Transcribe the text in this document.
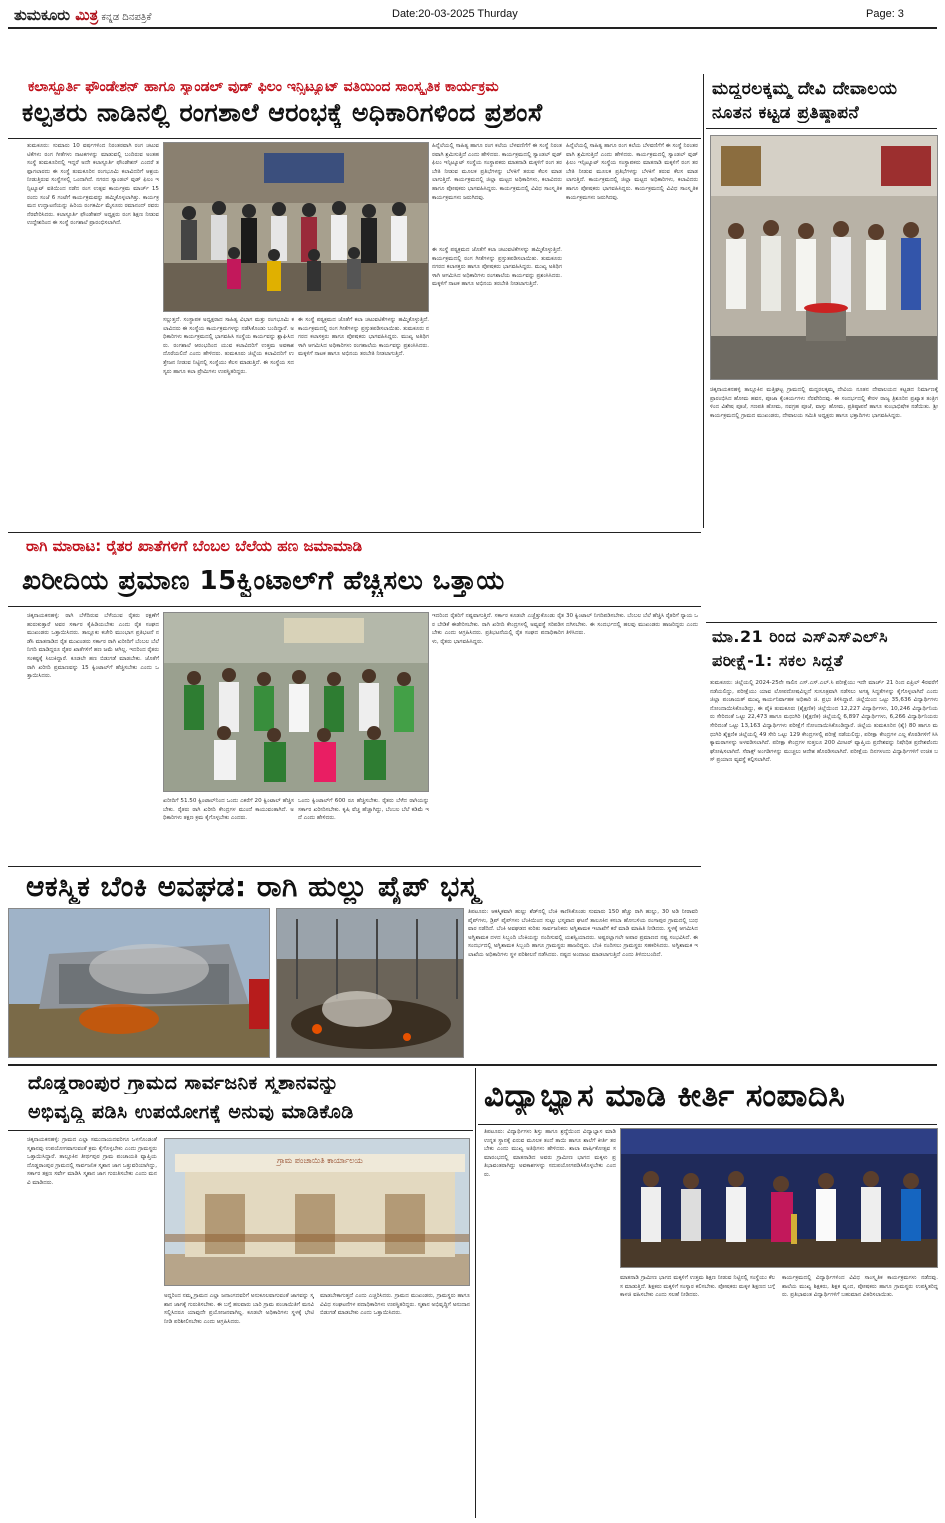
ತುಮಕೂರು ಮಿತ್ರ ಕನ್ನಡ ದಿನಪತ್ರಿಕೆ	Date:20-03-2025 Thurday	Page: 3
ಕಲಾಸ್ಫೂರ್ತಿ ಫೌಂಡೇಶನ್ ಹಾಗೂ ಸ್ಯಾಂಡಲ್ ವುಡ್ ಫಿಲಂ ಇನ್ಸಿಟ್ಯೂಟ್ ವತಿಯಿಂದ ಸಾಂಸ್ಕೃತಿಕ ಕಾರ್ಯಕ್ರಮ
ಕಲ್ಪತರು ನಾಡಿನಲ್ಲಿ ರಂಗಶಾಲೆ ಆರಂಭಕ್ಕೆ ಅಧಿಕಾರಿಗಳಿಂದ ಪ್ರಶಂಸೆ
ತುಮಕೂರು: ಸುಮಾರು 10 ವರ್ಷಗಳಿಂದ ನಿರಂತರವಾಗಿ ರಂಗ ಚಟುವಟಿಕೆಗಳು ರಂಗ ಗೀತೆಗಳು ನಾಟಕಗಳನ್ನು ಮಾಡುವಲ್ಲಿ ಬಂದಿರುವ ಅಂತಹ ಸಂಸ್ಥೆ ತುಮಕೂರಿನಲ್ಲಿ ಇದ್ದರೆ ಅದೇ ಕಲಾಸ್ಫೂರ್ತಿ ಫೌಂಡೇಶನ್ ಎಂದರೆ ತಪ್ಪಾಗಲಾರದು ಈ ಸಂಸ್ಥೆ ತುಮಕೂರಿನ ರಂಗಭೂಮಿ ಕಲಾವಿದರಿಗೆ ಆಶ್ರಯ ನೀಡುತ್ತಿರುವ ಸಂಸ್ಥೆಗಳಲ್ಲಿ ಒಂದಾಗಿದೆ. ನಗರದ ಸ್ಯಾಂಡಲ್ ವುಡ್ ಫಿಲಂ ಇನ್ಸಿಟ್ಯೂಟ್ ವತಿಯಿಂದ ನಡೆದ ರಂಗ ಉತ್ಸವ ಕಾರ್ಯಕ್ರಮ ಮಾರ್ಚ್ 15 ರಂದು ಸಂಜೆ 6 ಗಂಟೆಗೆ ಕಾರ್ಯಕ್ರಮವನ್ನು ಹಮ್ಮಿಕೊಳ್ಳಲಾಗಿತ್ತು. ಕಾರ್ಯಕ್ರಮದ ಉದ್ಘಾಟನೆಯನ್ನು ಹಿರಿಯ ರಂಗಕರ್ಮಿ ಮೈಸೂರು ರಮಾನಂದ್ ರವರು ನೆರವೇರಿಸಿದರು. ಕಲಾಸ್ಫೂರ್ತಿ ಫೌಂಡೇಶನ್ ಅಧ್ಯಕ್ಷರು ರಂಗ ಶಿಕ್ಷಣ ನೀಡುವ ಉದ್ದೇಶದಿಂದ ಈ ಸಂಸ್ಥೆ ರಂಗಶಾಲೆ ಪ್ರಾರಂಭಿಸಲಾಗಿದೆ.
ಹಿನ್ನೆಲೆಯಲ್ಲಿ ಸಾಹಿತ್ಯ ಹಾಗೂ ರಂಗ ಕಲೆಯ ಬೆಳವಣಿಗೆಗೆ ಈ ಸಂಸ್ಥೆ ನಿರಂತರವಾಗಿ ಶ್ರಮಿಸುತ್ತಿದೆ ಎಂದು ಹೇಳಿದರು. ಕಾರ್ಯಕ್ರಮದಲ್ಲಿ ಸ್ಯಾಂಡಲ್ ವುಡ್ ಫಿಲಂ ಇನ್ಸಿಟ್ಯೂಟ್ ಸಂಸ್ಥೆಯ ಸಂಸ್ಥಾಪಕರು ಮಾತನಾಡಿ ಮಕ್ಕಳಿಗೆ ರಂಗ ತರಬೇತಿ ನೀಡುವ ಮೂಲಕ ಪ್ರತಿಭೆಗಳನ್ನು ಬೆಳಕಿಗೆ ತರುವ ಕೆಲಸ ಮಾಡಲಾಗುತ್ತಿದೆ. ಕಾರ್ಯಕ್ರಮದಲ್ಲಿ ಜಿಲ್ಲಾ ಮಟ್ಟದ ಅಧಿಕಾರಿಗಳು, ಕಲಾವಿದರು ಹಾಗೂ ಪೋಷಕರು ಭಾಗವಹಿಸಿದ್ದರು. ಕಾರ್ಯಕ್ರಮದಲ್ಲಿ ವಿವಿಧ ಸಾಂಸ್ಕೃತಿಕ ಕಾರ್ಯಕ್ರಮಗಳು ಜರುಗಿದವು.
ಹಿನ್ನೆಲೆಯಲ್ಲಿ ಸಾಹಿತ್ಯ ಹಾಗೂ ರಂಗ ಕಲೆಯ ಬೆಳವಣಿಗೆಗೆ ಈ ಸಂಸ್ಥೆ ನಿರಂತರವಾಗಿ ಶ್ರಮಿಸುತ್ತಿದೆ ಎಂದು ಹೇಳಿದರು. ಕಾರ್ಯಕ್ರಮದಲ್ಲಿ ಸ್ಯಾಂಡಲ್ ವುಡ್ ಫಿಲಂ ಇನ್ಸಿಟ್ಯೂಟ್ ಸಂಸ್ಥೆಯ ಸಂಸ್ಥಾಪಕರು ಮಾತನಾಡಿ ಮಕ್ಕಳಿಗೆ ರಂಗ ತರಬೇತಿ ನೀಡುವ ಮೂಲಕ ಪ್ರತಿಭೆಗಳನ್ನು ಬೆಳಕಿಗೆ ತರುವ ಕೆಲಸ ಮಾಡಲಾಗುತ್ತಿದೆ. ಕಾರ್ಯಕ್ರಮದಲ್ಲಿ ಜಿಲ್ಲಾ ಮಟ್ಟದ ಅಧಿಕಾರಿಗಳು, ಕಲಾವಿದರು ಹಾಗೂ ಪೋಷಕರು ಭಾಗವಹಿಸಿದ್ದರು. ಕಾರ್ಯಕ್ರಮದಲ್ಲಿ ವಿವಿಧ ಸಾಂಸ್ಕೃತಿಕ ಕಾರ್ಯಕ್ರಮಗಳು ಜರುಗಿದವು.
ಸಲ್ಲುತ್ತದೆ. ಸಂಸ್ಥಾಪಕ ಅಧ್ಯಕ್ಷರಾದ ಸಾಹಿತ್ಯ ವಿಭಾಗ ಮತ್ತು ರಂಗಭೂಮಿ ಕಲಾವಿದರು ಈ ಸಂಸ್ಥೆಯ ಕಾರ್ಯಕ್ರಮಗಳನ್ನು ನಡೆಸಿಕೊಂಡು ಬಂದಿದ್ದಾರೆ. ಅಧಿಕಾರಿಗಳು ಕಾರ್ಯಕ್ರಮದಲ್ಲಿ ಭಾಗವಹಿಸಿ ಸಂಸ್ಥೆಯ ಕಾರ್ಯವನ್ನು ಶ್ಲಾಘಿಸಿದರು. ರಂಗಶಾಲೆ ಆರಂಭದಿಂದ ಯುವ ಕಲಾವಿದರಿಗೆ ಉತ್ತಮ ಅವಕಾಶ ದೊರೆಯಲಿದೆ ಎಂದು ಹೇಳಿದರು. ತುಮಕೂರು ಜಿಲ್ಲೆಯ ಕಲಾವಿದರಿಗೆ ಉತ್ತೇಜನ ನೀಡುವ ನಿಟ್ಟಿನಲ್ಲಿ ಸಂಸ್ಥೆಯು ಕೆಲಸ ಮಾಡುತ್ತಿದೆ. ಈ ಸಂಸ್ಥೆಯ ಸದಸ್ಯರು ಹಾಗೂ ಕಲಾ ಪ್ರೇಮಿಗಳು ಉಪಸ್ಥಿತರಿದ್ದರು.
ಈ ಸಂಸ್ಥೆ ಪಠ್ಯಕ್ರಮದ ಜೊತೆಗೆ ಕಲಾ ಚಟುವಟಿಕೆಗಳನ್ನು ಹಮ್ಮಿಕೊಳ್ಳುತ್ತಿದೆ. ಕಾರ್ಯಕ್ರಮದಲ್ಲಿ ರಂಗ ಗೀತೆಗಳನ್ನು ಪ್ರಸ್ತುತಪಡಿಸಲಾಯಿತು. ತುಮಕೂರು ನಗರದ ಕಲಾಸಕ್ತರು ಹಾಗೂ ಪೋಷಕರು ಭಾಗವಹಿಸಿದ್ದರು. ಮುಖ್ಯ ಅತಿಥಿಗಳಾಗಿ ಆಗಮಿಸಿದ ಅಧಿಕಾರಿಗಳು ರಂಗಶಾಲೆಯ ಕಾರ್ಯವನ್ನು ಪ್ರಶಂಸಿಸಿದರು. ಮಕ್ಕಳಿಗೆ ನಾಟಕ ಹಾಗೂ ಅಭಿನಯ ತರಬೇತಿ ನೀಡಲಾಗುತ್ತಿದೆ.
ಈ ಸಂಸ್ಥೆ ಪಠ್ಯಕ್ರಮದ ಜೊತೆಗೆ ಕಲಾ ಚಟುವಟಿಕೆಗಳನ್ನು ಹಮ್ಮಿಕೊಳ್ಳುತ್ತಿದೆ. ಕಾರ್ಯಕ್ರಮದಲ್ಲಿ ರಂಗ ಗೀತೆಗಳನ್ನು ಪ್ರಸ್ತುತಪಡಿಸಲಾಯಿತು. ತುಮಕೂರು ನಗರದ ಕಲಾಸಕ್ತರು ಹಾಗೂ ಪೋಷಕರು ಭಾಗವಹಿಸಿದ್ದರು. ಮುಖ್ಯ ಅತಿಥಿಗಳಾಗಿ ಆಗಮಿಸಿದ ಅಧಿಕಾರಿಗಳು ರಂಗಶಾಲೆಯ ಕಾರ್ಯವನ್ನು ಪ್ರಶಂಸಿಸಿದರು. ಮಕ್ಕಳಿಗೆ ನಾಟಕ ಹಾಗೂ ಅಭಿನಯ ತರಬೇತಿ ನೀಡಲಾಗುತ್ತಿದೆ.
ಮದ್ದರಲಕ್ಕಮ್ಮ ದೇವಿ ದೇವಾಲಯ
ನೂತನ ಕಟ್ಟಡ ಪ್ರತಿಷ್ಠಾಪನೆ
ಚಿಕ್ಕನಾಯಕನಹಳ್ಳಿ ತಾಲ್ಲೂಕಿನ ಮತ್ತಿಘಟ್ಟ ಗ್ರಾಮದಲ್ಲಿ ಮದ್ದರಲಕ್ಕಮ್ಮ ದೇವಿಯ ನೂತನ ದೇವಾಲಯದ ಕಟ್ಟಡದ ನಿರ್ಮಾಣಕ್ಕೆ ಪ್ರಾರಂಭಿಸಿದ ಹೋಮ ಹವನ, ಪೂಜಾ ಕೈಂಕರ್ಯಗಳು ನೆರವೇರಿದವು. ಈ ಸಂದರ್ಭದಲ್ಲಿ ಕೇರಳ ರಾಜ್ಯ ತ್ರಿಶೂರಿನ ಪ್ರಖ್ಯಾತ ತಂತ್ರಿಗಳಿಂದ ವಿಶೇಷ ಪೂಜೆ, ಗಣಪತಿ ಹೋಮ, ನವಗ್ರಹ ಪೂಜೆ, ವಾಸ್ತು ಹೋಮ, ಪ್ರತಿಷ್ಠಾಪನೆ ಹಾಗೂ ಕುಂಭಾಭಿಷೇಕ ನಡೆಯಿತು. ಶ್ರೀ ಕಾರ್ಯಕ್ರಮದಲ್ಲಿ ಗ್ರಾಮದ ಮುಖಂಡರು, ದೇವಾಲಯ ಸಮಿತಿ ಅಧ್ಯಕ್ಷರು ಹಾಗೂ ಭಕ್ತಾದಿಗಳು ಭಾಗವಹಿಸಿದ್ದರು.
ಮಾ.21 ರಿಂದ ಎಸ್‌ಎಸ್‌ಎಲ್‌ಸಿ
ಪರೀಕ್ಷೆ-1: ಸಕಲ ಸಿದ್ಧತೆ
ತುಮಕೂರು: ಜಿಲ್ಲೆಯಲ್ಲಿ 2024-25ನೇ ಸಾಲಿನ ಎಸ್.ಎಸ್.ಎಲ್.ಸಿ ಪರೀಕ್ಷೆಯು ಇದೇ ಮಾರ್ಚ್ 21 ರಿಂದ ಏಪ್ರಿಲ್ 4ರವರೆಗೆ ನಡೆಯಲಿದ್ದು, ಪರೀಕ್ಷೆಯು ಯಾವ ಲೋಪದೋಷವಿಲ್ಲದೆ ಸುಸೂತ್ರವಾಗಿ ನಡೆಸಲು ಅಗತ್ಯ ಸಿದ್ಧತೆಗಳನ್ನು ಕೈಗೊಳ್ಳಲಾಗಿದೆ ಎಂದು ಜಿಲ್ಲಾ ಪಂಚಾಯತ್ ಮುಖ್ಯ ಕಾರ್ಯನಿರ್ವಾಹಕ ಅಧಿಕಾರಿ ಜಿ. ಪ್ರಭು ತಿಳಿಸಿದ್ದಾರೆ. ಜಿಲ್ಲೆಯಿಂದ ಒಟ್ಟು 35,636 ವಿದ್ಯಾರ್ಥಿಗಳು ನೋಂದಾಯಿಸಿಕೊಂಡಿದ್ದು, ಈ ಪೈಕಿ ತುಮಕೂರು (ಶೈಕ್ಷಣಿಕ) ಜಿಲ್ಲೆಯಿಂದ 12,227 ವಿದ್ಯಾರ್ಥಿಗಳು, 10,246 ವಿದ್ಯಾರ್ಥಿನಿಯರು ಸೇರಿದಂತೆ ಒಟ್ಟು 22,473 ಹಾಗೂ ಮಧುಗಿರಿ (ಶೈಕ್ಷಣಿಕ) ಜಿಲ್ಲೆಯಲ್ಲಿ 6,897 ವಿದ್ಯಾರ್ಥಿಗಳು, 6,266 ವಿದ್ಯಾರ್ಥಿನಿಯರು ಸೇರಿದಂತೆ ಒಟ್ಟು 13,163 ವಿದ್ಯಾರ್ಥಿಗಳು ಪರೀಕ್ಷೆಗೆ ನೋಂದಾಯಿಸಿಕೊಂಡಿದ್ದಾರೆ. ಜಿಲ್ಲೆಯ ತುಮಕೂರಿನ (ಶೈ) 80 ಹಾಗೂ ಮಧುಗಿರಿ ಶೈಕ್ಷಣಿಕ ಜಿಲ್ಲೆಯಲ್ಲಿ 49 ಸೇರಿ ಒಟ್ಟು 129 ಕೇಂದ್ರಗಳಲ್ಲಿ ಪರೀಕ್ಷೆ ನಡೆಯಲಿದ್ದು, ಪರೀಕ್ಷಾ ಕೇಂದ್ರಗಳ ಎಲ್ಲ ಕೊಠಡಿಗಳಿಗೆ ಸಿಸಿ ಕ್ಯಾಮರಾಗಳನ್ನು ಅಳವಡಿಸಲಾಗಿದೆ. ಪರೀಕ್ಷಾ ಕೇಂದ್ರಗಳ ಸುತ್ತಲೂ 200 ಮೀಟರ್ ವ್ಯಾಪ್ತಿಯ ಪ್ರದೇಶವನ್ನು ನಿಷೇಧಿತ ಪ್ರದೇಶವೆಂದು ಘೋಷಿಸಲಾಗಿದೆ. ಸೆರಾಕ್ಸ್ ಅಂಗಡಿಗಳನ್ನು ಮುಚ್ಚಲು ಆದೇಶ ಹೊರಡಿಸಲಾಗಿದೆ. ಪರೀಕ್ಷೆಯ ದಿನಗಳಂದು ವಿದ್ಯಾರ್ಥಿಗಳಿಗೆ ಉಚಿತ ಬಸ್ ಪ್ರಯಾಣ ವ್ಯವಸ್ಥೆ ಕಲ್ಪಿಸಲಾಗಿದೆ.
ರಾಗಿ ಮಾರಾಟ: ರೈತರ ಖಾತೆಗಳಿಗೆ ಬೆಂಬಲ ಬೆಲೆಯ ಹಣ ಜಮಾಮಾಡಿ
ಖರೀದಿಯ ಪ್ರಮಾಣ 15ಕ್ವಿಂಟಾಲ್‌ಗೆ ಹೆಚ್ಚಿಸಲು ಒತ್ತಾಯ
ಚಿಕ್ಕನಾಯಕನಹಳ್ಳಿ: ರಾಗಿ ಬೆಳೆದಿರುವ ಬೆಳೆಯುವ ರೈತರು ರಕ್ಷಣೆಗೆ ಹುರುಕುತ್ತಾರೆ ಅವರ ಸರ್ಕಾರ ಕೈಹಿಡಿಯಬೇಕು ಎಂದು ರೈತ ಸಂಘದ ಮುಖಂಡರು ಒತ್ತಾಯಿಸಿದರು. ತಾಲ್ಲೂಕು ಕಚೇರಿ ಮುಂಭಾಗ ಪ್ರತಿಭಟನೆ ನಡೆಸಿ ಮಾತನಾಡಿದ ರೈತ ಮುಖಂಡರು ಸರ್ಕಾರ ರಾಗಿ ಖರೀದಿಗೆ ಬೆಂಬಲ ಬೆಲೆ ನಿಗದಿ ಮಾಡಿದ್ದರೂ ರೈತರ ಖಾತೆಗಳಿಗೆ ಹಣ ಜಮೆ ಆಗಿಲ್ಲ. ಇದರಿಂದ ರೈತರು ಸಂಕಷ್ಟಕ್ಕೆ ಸಿಲುಕಿದ್ದಾರೆ. ಕೂಡಲೇ ಹಣ ಬಿಡುಗಡೆ ಮಾಡಬೇಕು. ಜೊತೆಗೆ ರಾಗಿ ಖರೀದಿ ಪ್ರಮಾಣವನ್ನು 15 ಕ್ವಿಂಟಾಲ್‌ಗೆ ಹೆಚ್ಚಿಸಬೇಕು ಎಂದು ಒತ್ತಾಯಿಸಿದರು.
ಇದರಿಂದ ರೈತರಿಗೆ ನಷ್ಟವಾಗುತ್ತಿದೆ. ಸರ್ಕಾರ ಕೂಡಲೇ ಎಚ್ಚೆತ್ತುಕೊಂಡು ರೈತರ ಬೇಡಿಕೆ ಈಡೇರಿಸಬೇಕು. ರಾಗಿ ಖರೀದಿ ಕೇಂದ್ರಗಳಲ್ಲಿ ಅವ್ಯವಸ್ಥೆ ಸರಿಪಡಿಸಬೇಕು ಎಂದು ಆಗ್ರಹಿಸಿದರು. ಪ್ರತಿಭಟನೆಯಲ್ಲಿ ರೈತ ಸಂಘದ ಪದಾಧಿಕಾರಿಗಳು, ರೈತರು ಭಾಗವಹಿಸಿದ್ದರು.
30 ಕ್ವಿಂಟಾಲ್ ನಿಗದಿಪಡಿಸಬೇಕು. ಬೆಂಬಲ ಬೆಲೆ ಹೆಚ್ಚಿಸಿ ರೈತರಿಗೆ ನ್ಯಾಯ ಒದಗಿಸಬೇಕು. ಈ ಸಂದರ್ಭದಲ್ಲಿ ಹಲವು ಮುಖಂಡರು ಹಾಜರಿದ್ದರು ಎಂದು ತಿಳಿಸಿದರು.
ಖರೀದಿಗೆ 51.50 ಕ್ವಿಂಟಾಲ್‌ನಿಂದ ಒಂದು ಎಕರೆಗೆ 20 ಕ್ವಿಂಟಾಲ್ ಹೆಚ್ಚಿಸಬೇಕು. ರೈತರು ರಾಗಿ ಖರೀದಿ ಕೇಂದ್ರಗಳ ಮುಂದೆ ಕಾಯುವಂತಾಗಿದೆ. ಅಧಿಕಾರಿಗಳು ತಕ್ಷಣ ಕ್ರಮ ಕೈಗೊಳ್ಳಬೇಕು ಎಂದರು.
ಒಂದು ಕ್ವಿಂಟಾಲ್‌ಗೆ 600 ರೂ ಹೆಚ್ಚಿಸಬೇಕು. ರೈತರು ಬೆಳೆದ ರಾಗಿಯನ್ನು ಸರ್ಕಾರ ಖರೀದಿಸಬೇಕು. ಕೃಷಿ ವೆಚ್ಚ ಹೆಚ್ಚಾಗಿದ್ದು, ಬೆಂಬಲ ಬೆಲೆ ಕಡಿಮೆ ಇದೆ ಎಂದು ಹೇಳಿದರು.
ಆಕಸ್ಮಿಕ ಬೆಂಕಿ ಅವಘಡ: ರಾಗಿ ಹುಲ್ಲು ಪೈಪ್ ಭಸ್ಮ
ತಿಪಟೂರು: ಆಕಸ್ಮಿಕವಾಗಿ ಹುಲ್ಲು ಶೆಡ್‌ನಲ್ಲಿ ಬೆಂಕಿ ಕಾಣಿಸಿಕೊಂಡು ಸುಮಾರು 150 ಹೆಚ್ಚು ರಾಗಿ ಹುಲ್ಲು, 30 ಅಡಿ ನೀರಾವರಿ ಪೈಪ್‌ಗಳು, ಡ್ರಿಪ್ ಪೈಪ್‌ಗಳು ಬೆಂಕಿಯಿಂದ ಸುಟ್ಟು ಭಸ್ಮವಾದ ಘಟನೆ ತಾಲೂಕಿನ ಕಸಬಾ ಹೋಬಳಿಯ ರಂಗಾಪುರ ಗ್ರಾಮದಲ್ಲಿ ಬುಧವಾರ ನಡೆದಿದೆ. ಬೆಂಕಿ ಅವಘಡದ ಕುರಿತು ಸಾರ್ವಜನಿಕರು ಅಗ್ನಿಶಾಮಕ ಇಲಾಖೆಗೆ ಕರೆ ಮಾಡಿ ಮಾಹಿತಿ ನೀಡಿದರು. ಸ್ಥಳಕ್ಕೆ ಆಗಮಿಸಿದ ಅಗ್ನಿಶಾಮಕ ದಳದ ಸಿಬ್ಬಂದಿ ಬೆಂಕಿಯನ್ನು ನಂದಿಸುವಲ್ಲಿ ಯಶಸ್ವಿಯಾದರು. ಅಷ್ಟರಲ್ಲಾಗಲೇ ಅಪಾರ ಪ್ರಮಾಣದ ನಷ್ಟ ಸಂಭವಿಸಿದೆ. ಈ ಸಂದರ್ಭದಲ್ಲಿ ಅಗ್ನಿಶಾಮಕ ಸಿಬ್ಬಂದಿ ಹಾಗೂ ಗ್ರಾಮಸ್ಥರು ಹಾಜರಿದ್ದರು. ಬೆಂಕಿ ನಂದಿಸಲು ಗ್ರಾಮಸ್ಥರು ಸಹಕರಿಸಿದರು. ಅಗ್ನಿಶಾಮಕ ಇಲಾಖೆಯ ಅಧಿಕಾರಿಗಳು ಸ್ಥಳ ಪರಿಶೀಲನೆ ನಡೆಸಿದರು. ನಷ್ಟದ ಅಂದಾಜು ಮಾಡಲಾಗುತ್ತಿದೆ ಎಂದು ತಿಳಿದುಬಂದಿದೆ.
ದೊಡ್ಡರಾಂಪುರ ಗ್ರಾಮದ ಸಾರ್ವಜನಿಕ ಸ್ಮಶಾನವನ್ನು
ಅಭಿವೃದ್ಧಿ ಪಡಿಸಿ ಉಪಯೋಗಕ್ಕೆ ಅನುವು ಮಾಡಿಕೊಡಿ
ಚಿಕ್ಕನಾಯಕನಹಳ್ಳಿ: ಗ್ರಾಮದ ಎಲ್ಲಾ ಸಮುದಾಯದವರಿಗೂ ಒಳಗೊಂಡಂತೆ ಸ್ಮಶಾನವು ಉಪಯೋಗವಾಗುವಂತೆ ಕ್ರಮ ಕೈಗೊಳ್ಳಬೇಕು ಎಂದು ಗ್ರಾಮಸ್ಥರು ಒತ್ತಾಯಿಸಿದ್ದಾರೆ. ತಾಲ್ಲೂಕಿನ ತೀರ್ಥಪುರ ಗ್ರಾಮ ಪಂಚಾಯತಿ ವ್ಯಾಪ್ತಿಯ ದೊಡ್ಡರಾಂಪುರ ಗ್ರಾಮದಲ್ಲಿ ಸಾರ್ವಜನಿಕ ಸ್ಮಶಾನ ಜಾಗ ಒತ್ತುವರಿಯಾಗಿದ್ದು, ಸರ್ಕಾರ ತಕ್ಷಣ ಸರ್ವೇ ಮಾಡಿಸಿ ಸ್ಮಶಾನ ಜಾಗ ಗುರುತಿಸಬೇಕು ಎಂದು ಮನವಿ ಮಾಡಿದರು.
ಗ್ರಾಮ ಪಂಚಾಯಿತಿ ಕಾರ್ಯಾಲಯ
ಅದ್ದರಿಂದ ನಮ್ಮ ಗ್ರಾಮದ ಎಲ್ಲಾ ಜನಾಂಗದವರಿಗೆ ಅನುಕೂಲವಾಗುವಂತೆ ಜಾಗವನ್ನು ಸ್ಮಶಾನ ಜಾಗಕ್ಕೆ ಗುರುತಿಸಬೇಕು. ಈ ಬಗ್ಗೆ ಹಲವಾರು ಬಾರಿ ಗ್ರಾಮ ಪಂಚಾಯಿತಿಗೆ ಮನವಿ ಸಲ್ಲಿಸಿದರೂ ಯಾವುದೇ ಪ್ರಯೋಜನವಾಗಿಲ್ಲ. ಕೂಡಲೇ ಅಧಿಕಾರಿಗಳು ಸ್ಥಳಕ್ಕೆ ಭೇಟಿ ನೀಡಿ ಪರಿಶೀಲಿಸಬೇಕು ಎಂದು ಆಗ್ರಹಿಸಿದರು.
ಮಾಡಬೇಕಾಗುತ್ತದೆ ಎಂದು ಎಚ್ಚರಿಸಿದರು. ಗ್ರಾಮದ ಮುಖಂಡರು, ಗ್ರಾಮಸ್ಥರು ಹಾಗೂ ವಿವಿಧ ಸಂಘಟನೆಗಳ ಪದಾಧಿಕಾರಿಗಳು ಉಪಸ್ಥಿತರಿದ್ದರು. ಸ್ಮಶಾನ ಅಭಿವೃದ್ಧಿಗೆ ಅನುದಾನ ಬಿಡುಗಡೆ ಮಾಡಬೇಕು ಎಂದು ಒತ್ತಾಯಿಸಿದರು.
ವಿದ್ಯಾಭ್ಯಾಸ ಮಾಡಿ ಕೀರ್ತಿ ಸಂಪಾದಿಸಿ
ತಿಪಟೂರು: ವಿದ್ಯಾರ್ಥಿಗಳು ಶಿಸ್ತು ಹಾಗೂ ಶ್ರದ್ಧೆಯಿಂದ ವಿದ್ಯಾಭ್ಯಾಸ ಮಾಡಿ ಉನ್ನತ ಸ್ಥಾನಕ್ಕೆ ಏರುವ ಮೂಲಕ ತಂದೆ ತಾಯಿ ಹಾಗೂ ಶಾಲೆಗೆ ಕೀರ್ತಿ ತರಬೇಕು ಎಂದು ಮುಖ್ಯ ಅತಿಥಿಗಳು ಹೇಳಿದರು. ಶಾಲಾ ವಾರ್ಷಿಕೋತ್ಸವ ಸಮಾರಂಭದಲ್ಲಿ ಮಾತನಾಡಿದ ಅವರು ಗ್ರಾಮೀಣ ಭಾಗದ ಮಕ್ಕಳು ಪ್ರತಿಭಾವಂತರಾಗಿದ್ದು ಅವಕಾಶಗಳನ್ನು ಸದುಪಯೋಗಪಡಿಸಿಕೊಳ್ಳಬೇಕು ಎಂದರು.
ಮಾತನಾಡಿ ಗ್ರಾಮೀಣ ಭಾಗದ ಮಕ್ಕಳಿಗೆ ಉತ್ತಮ ಶಿಕ್ಷಣ ನೀಡುವ ನಿಟ್ಟಿನಲ್ಲಿ ಸಂಸ್ಥೆಯು ಕೆಲಸ ಮಾಡುತ್ತಿದೆ. ಶಿಕ್ಷಕರು ಮಕ್ಕಳಿಗೆ ಸಂಸ್ಕಾರ ಕಲಿಸಬೇಕು. ಪೋಷಕರು ಮಕ್ಕಳ ಶಿಕ್ಷಣದ ಬಗ್ಗೆ ಕಾಳಜಿ ವಹಿಸಬೇಕು ಎಂದು ಸಲಹೆ ನೀಡಿದರು.
ಕಾರ್ಯಕ್ರಮದಲ್ಲಿ ವಿದ್ಯಾರ್ಥಿಗಳಿಂದ ವಿವಿಧ ಸಾಂಸ್ಕೃತಿಕ ಕಾರ್ಯಕ್ರಮಗಳು ನಡೆದವು. ಶಾಲೆಯ ಮುಖ್ಯ ಶಿಕ್ಷಕರು, ಶಿಕ್ಷಕ ವೃಂದ, ಪೋಷಕರು ಹಾಗೂ ಗ್ರಾಮಸ್ಥರು ಉಪಸ್ಥಿತರಿದ್ದರು. ಪ್ರತಿಭಾವಂತ ವಿದ್ಯಾರ್ಥಿಗಳಿಗೆ ಬಹುಮಾನ ವಿತರಿಸಲಾಯಿತು.
